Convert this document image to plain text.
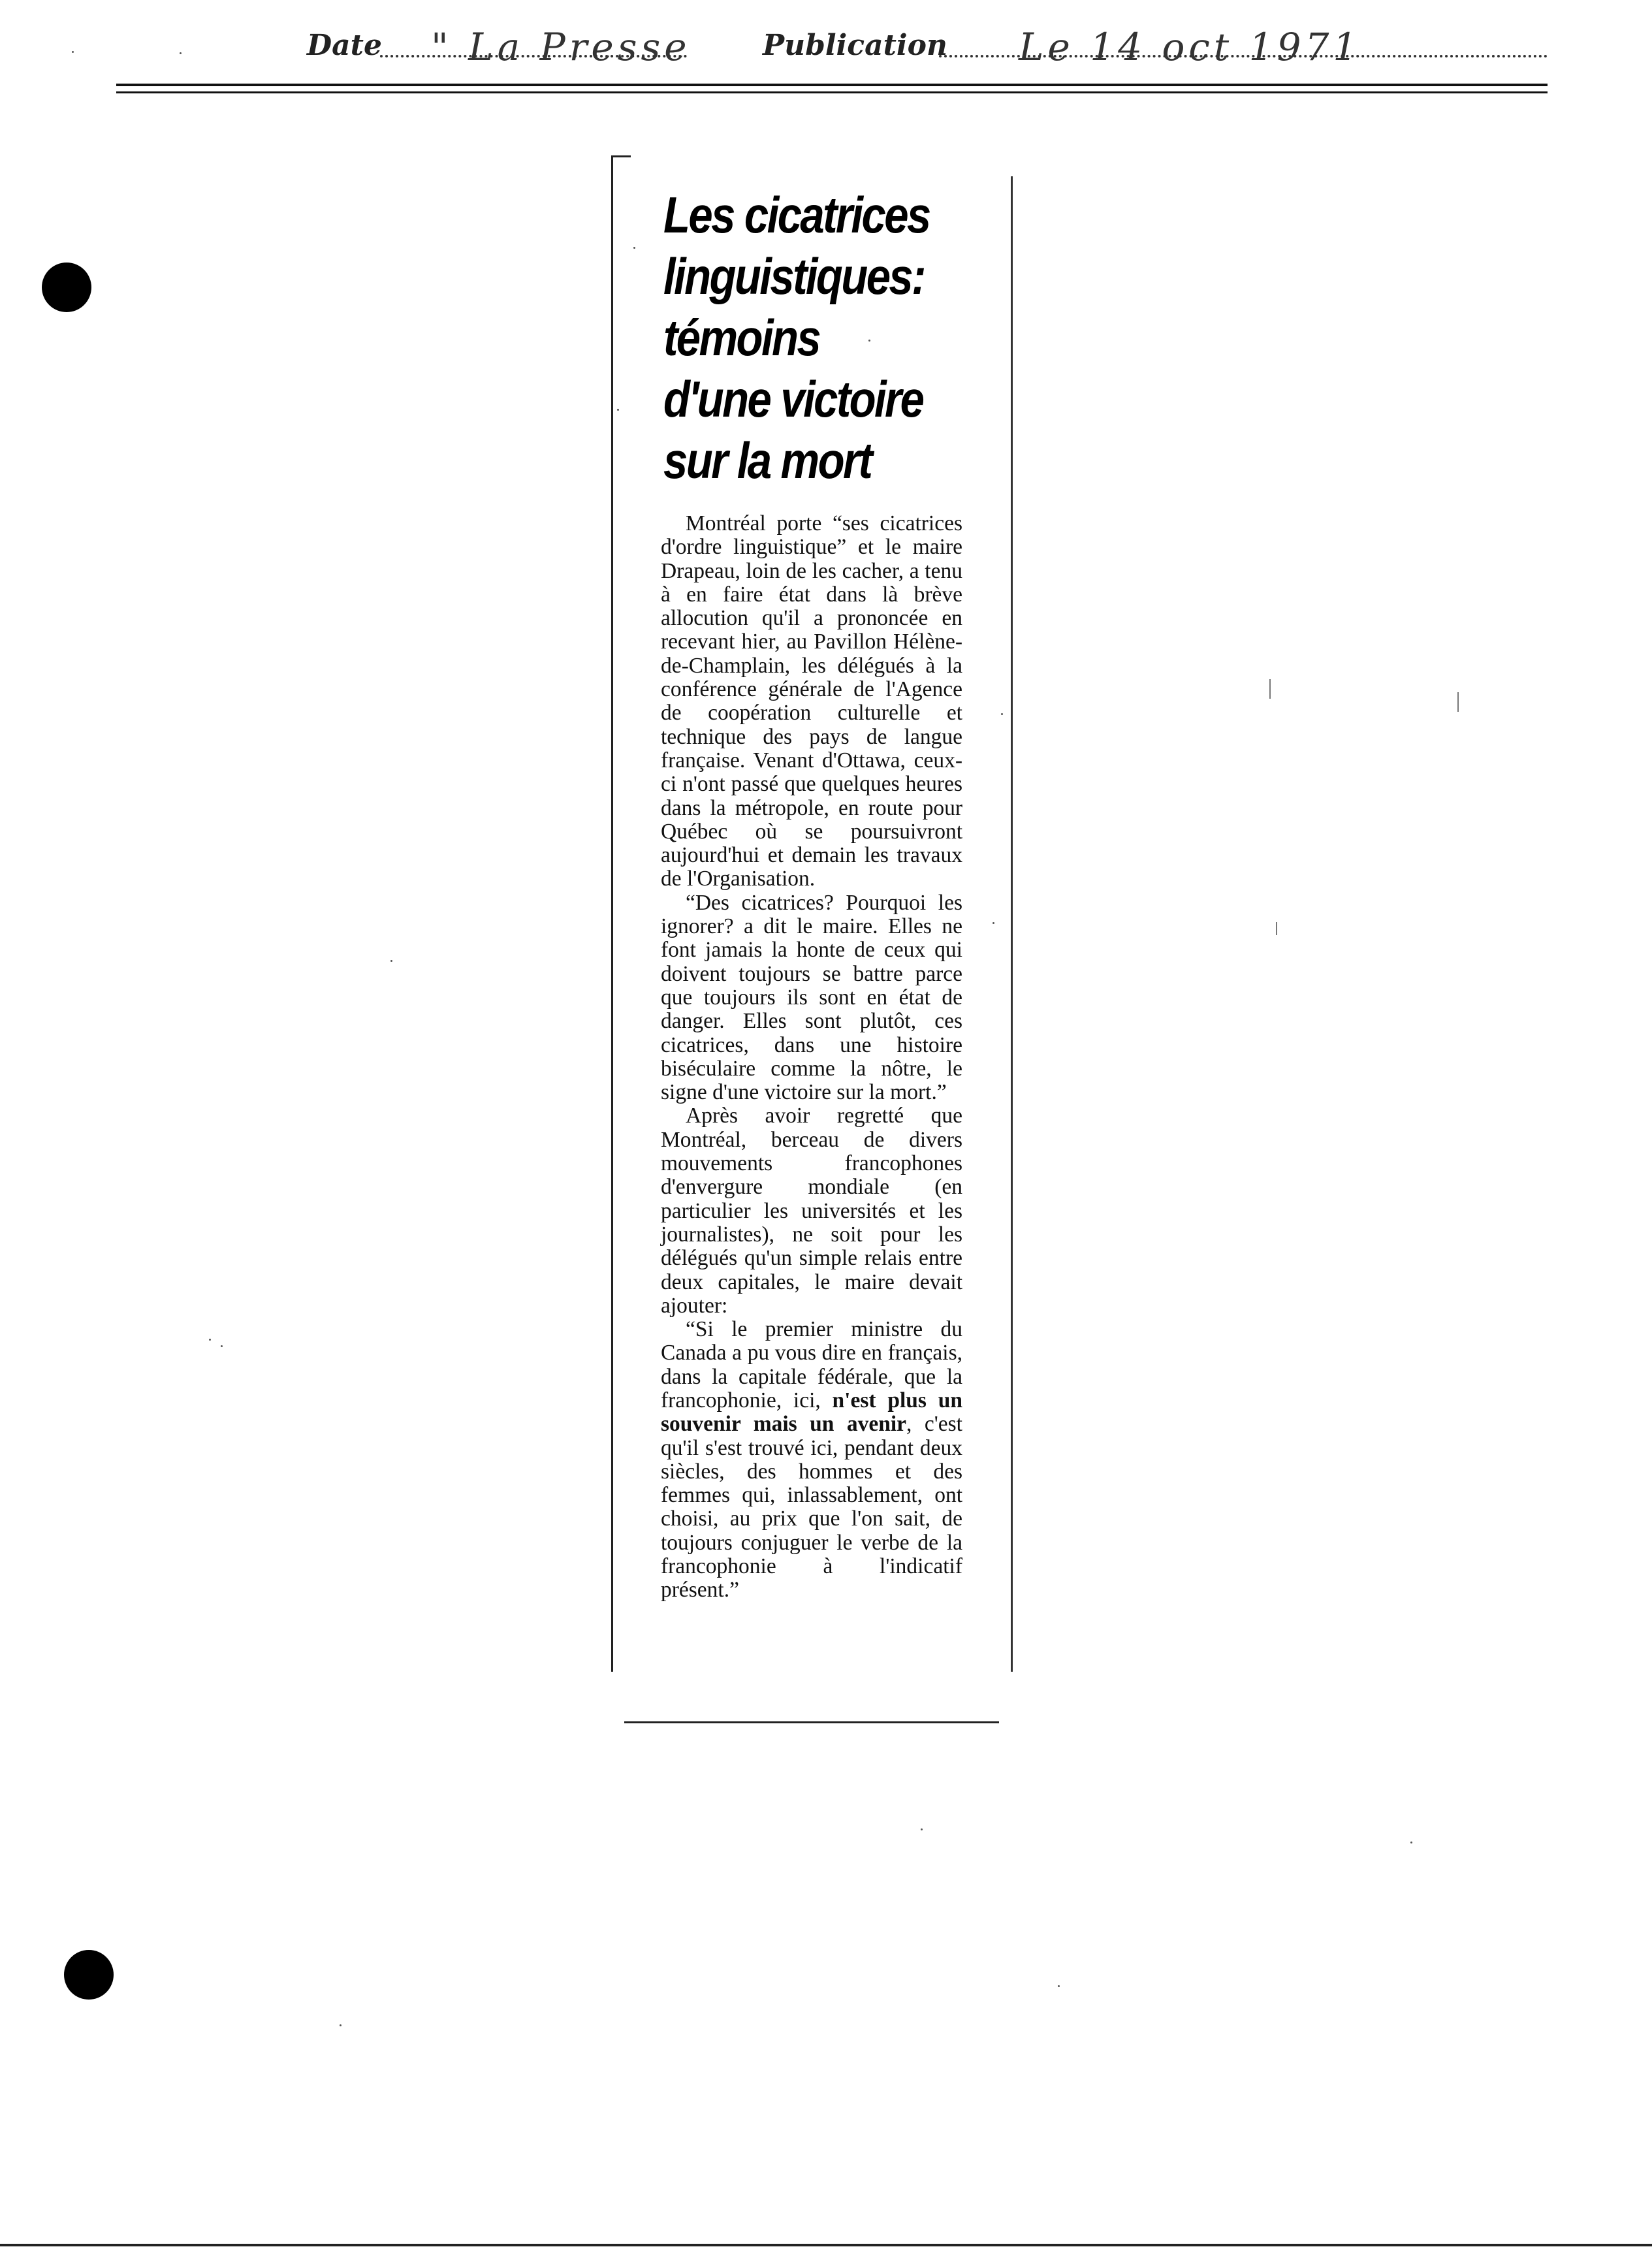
Date " La Presse	Publication Le 14 oct 1971
Les cicatrices
linguistiques:
témoins
d'une victoire
sur la mort

Montréal porte “ses cicatrices d'ordre linguistique” et le maire Drapeau, loin de les cacher, a tenu à en faire état dans là brève allocution qu'il a prononcée en recevant hier, au Pavillon Hélène-de-Champlain, les délégués à la conférence générale de l'Agence de coopération culturelle et technique des pays de langue française. Venant d'Ottawa, ceux-ci n'ont passé que quelques heures dans la métropole, en route pour Québec où se poursuivront aujourd'hui et demain les travaux de l'Organisation.

“Des cicatrices? Pourquoi les ignorer? a dit le maire. Elles ne font jamais la honte de ceux qui doivent toujours se battre parce que toujours ils sont en état de danger. Elles sont plutôt, ces cicatrices, dans une histoire biséculaire comme la nôtre, le signe d'une victoire sur la mort.”

Après avoir regretté que Montréal, berceau de divers mouvements francophones d'envergure mondiale (en particulier les universités et les journalistes), ne soit pour les délégués qu'un simple relais entre deux capitales, le maire devait ajouter:

“Si le premier ministre du Canada a pu vous dire en français, dans la capitale fédérale, que la francophonie, ici, n'est plus un souvenir mais un avenir, c'est qu'il s'est trouvé ici, pendant deux siècles, des hommes et des femmes qui, inlassablement, ont choisi, au prix que l'on sait, de toujours conjuguer le verbe de la francophonie à l'indicatif présent.”
